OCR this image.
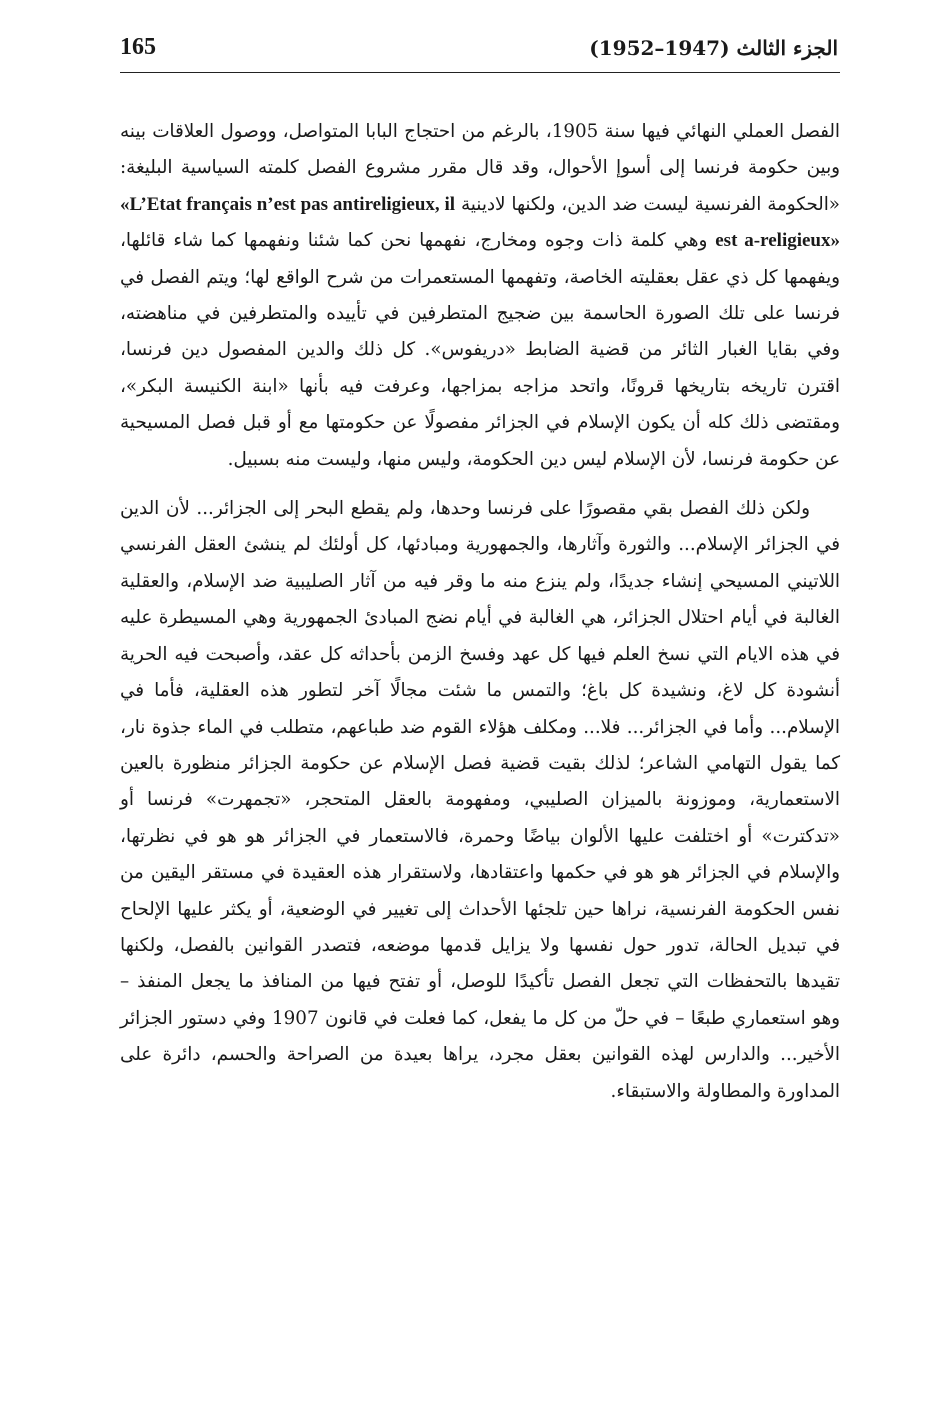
165	الجزء الثالث (1947–1952)

الفصل العملي النهائي فيها سنة 1905، بالرغم من احتجاج البابا المتواصل، ووصول العلاقات بينه وبين حكومة فرنسا إلى أسوإ الأحوال، وقد قال مقرر مشروع الفصل كلمته السياسية البليغة: «الحكومة الفرنسية ليست ضد الدين، ولكنها لادينية «L’Etat français n’est pas antireligieux, il est a-religieux» وهي كلمة ذات وجوه ومخارج، نفهمها نحن كما شئنا ونفهمها كما شاء قائلها، ويفهمها كل ذي عقل بعقليته الخاصة، وتفهمها المستعمرات من شرح الواقع لها؛ ويتم الفصل في فرنسا على تلك الصورة الحاسمة بين ضجيج المتطرفين في تأييده والمتطرفين في مناهضته، وفي بقايا الغبار الثائر من قضية الضابط «دريفوس». كل ذلك والدين المفصول دين فرنسا، اقترن تاريخه بتاريخها قرونًا، واتحد مزاجه بمزاجها، وعرفت فيه بأنها «ابنة الكنيسة البكر»، ومقتضى ذلك كله أن يكون الإسلام في الجزائر مفصولًا عن حكومتها مع أو قبل فصل المسيحية عن حكومة فرنسا، لأن الإسلام ليس دين الحكومة، وليس منها، وليست منه بسبيل.

ولكن ذلك الفصل بقي مقصورًا على فرنسا وحدها، ولم يقطع البحر إلى الجزائر... لأن الدين في الجزائر الإسلام... والثورة وآثارها، والجمهورية ومبادئها، كل أولئك لم ينشئ العقل الفرنسي اللاتيني المسيحي إنشاء جديدًا، ولم ينزع منه ما وقر فيه من آثار الصليبية ضد الإسلام، والعقلية الغالبة في أيام احتلال الجزائر، هي الغالبة في أيام نضج المبادئ الجمهورية وهي المسيطرة عليه في هذه الايام التي نسخ العلم فيها كل عهد وفسخ الزمن بأحداثه كل عقد، وأصبحت فيه الحرية أنشودة كل لاغ، ونشيدة كل باغ؛ والتمس ما شئت مجالًا آخر لتطور هذه العقلية، فأما في الإسلام... وأما في الجزائر... فلا... ومكلف هؤلاء القوم ضد طباعهم، متطلب في الماء جذوة نار، كما يقول التهامي الشاعر؛ لذلك بقيت قضية فصل الإسلام عن حكومة الجزائر منظورة بالعين الاستعمارية، وموزونة بالميزان الصليبي، ومفهومة بالعقل المتحجر، «تجمهرت» فرنسا أو «تدكترت» أو اختلفت عليها الألوان بياضًا وحمرة، فالاستعمار في الجزائر هو هو في نظرتها، والإسلام في الجزائر هو هو في حكمها واعتقادها، ولاستقرار هذه العقيدة في مستقر اليقين من نفس الحكومة الفرنسية، نراها حين تلجئها الأحداث إلى تغيير في الوضعية، أو يكثر عليها الإلحاح في تبديل الحالة، تدور حول نفسها ولا يزايل قدمها موضعه، فتصدر القوانين بالفصل، ولكنها تقيدها بالتحفظات التي تجعل الفصل تأكيدًا للوصل، أو تفتح فيها من المنافذ ما يجعل المنفذ – وهو استعماري طبعًا – في حلّ من كل ما يفعل، كما فعلت في قانون 1907 وفي دستور الجزائر الأخير... والدارس لهذه القوانين بعقل مجرد، يراها بعيدة من الصراحة والحسم، دائرة على المداورة والمطاولة والاستبقاء.
